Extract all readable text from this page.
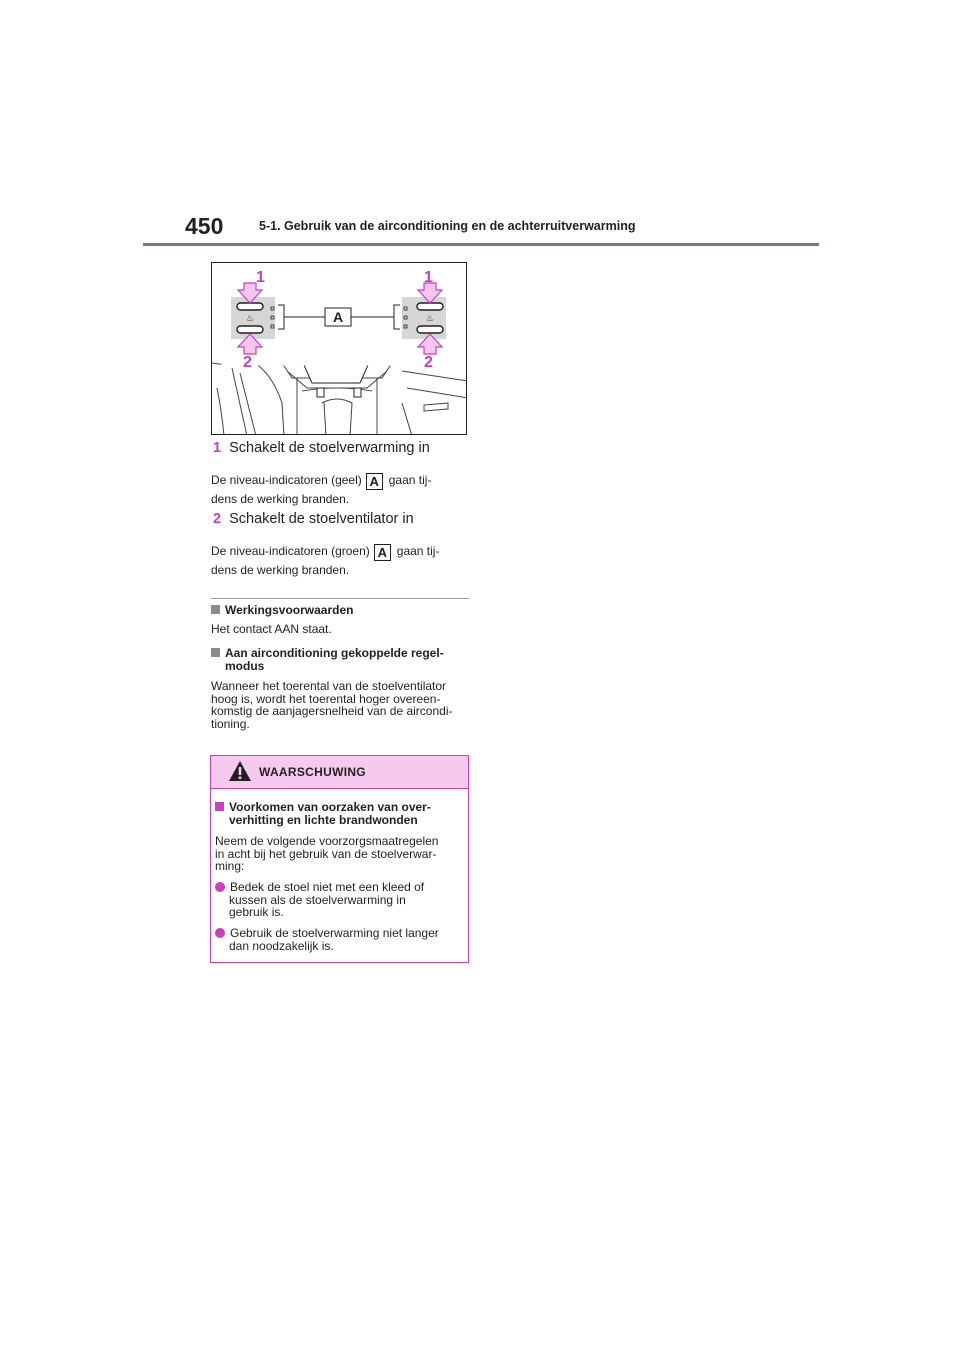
450	5-1. Gebruik van de airconditioning en de achterruitverwarming
♨	♨
A
1	1
2	2
1 Schakelt de stoelverwarming in
De niveau-indicatoren (geel) A gaan tij-
dens de werking branden.
2 Schakelt de stoelventilator in
De niveau-indicatoren (groen) A gaan tij-
dens de werking branden.
Werkingsvoorwaarden
Het contact AAN staat.
Aan airconditioning gekoppelde regel-
modus
Wanneer het toerental van de stoelventilator
hoog is, wordt het toerental hoger overeen-
komstig de aanjagersnelheid van de aircondi-
tioning.
WAARSCHUWING
Voorkomen van oorzaken van over-
verhitting en lichte brandwonden
Neem de volgende voorzorgsmaatregelen
in acht bij het gebruik van de stoelverwar-
ming:
Bedek de stoel niet met een kleed of
kussen als de stoelverwarming in
gebruik is.
Gebruik de stoelverwarming niet langer
dan noodzakelijk is.
